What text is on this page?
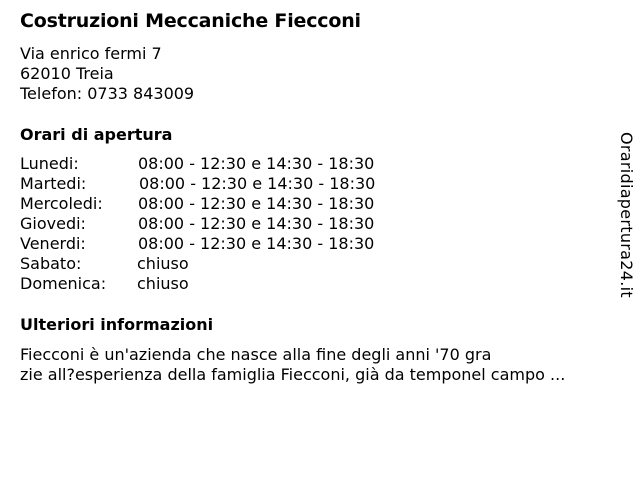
Costruzioni Meccaniche Fiecconi
Via enrico fermi 7
62010 Treia
Telefon: 0733 843009
Orari di apertura
Lunedi:	08:00 - 12:30 e 14:30 - 18:30
Martedi:	08:00 - 12:30 e 14:30 - 18:30
Mercoledi: 08:00 - 12:30 e 14:30 - 18:30
Giovedi:	08:00 - 12:30 e 14:30 - 18:30
Venerdi:	08:00 - 12:30 e 14:30 - 18:30
Sabato:	chiuso
Domenica: chiuso
Ulteriori informazioni
Fiecconi è un'azienda che nasce alla fine degli anni '70 gra
zie all?esperienza della famiglia Fiecconi, già da temponel campo ...
Oraridiapertura24.it
